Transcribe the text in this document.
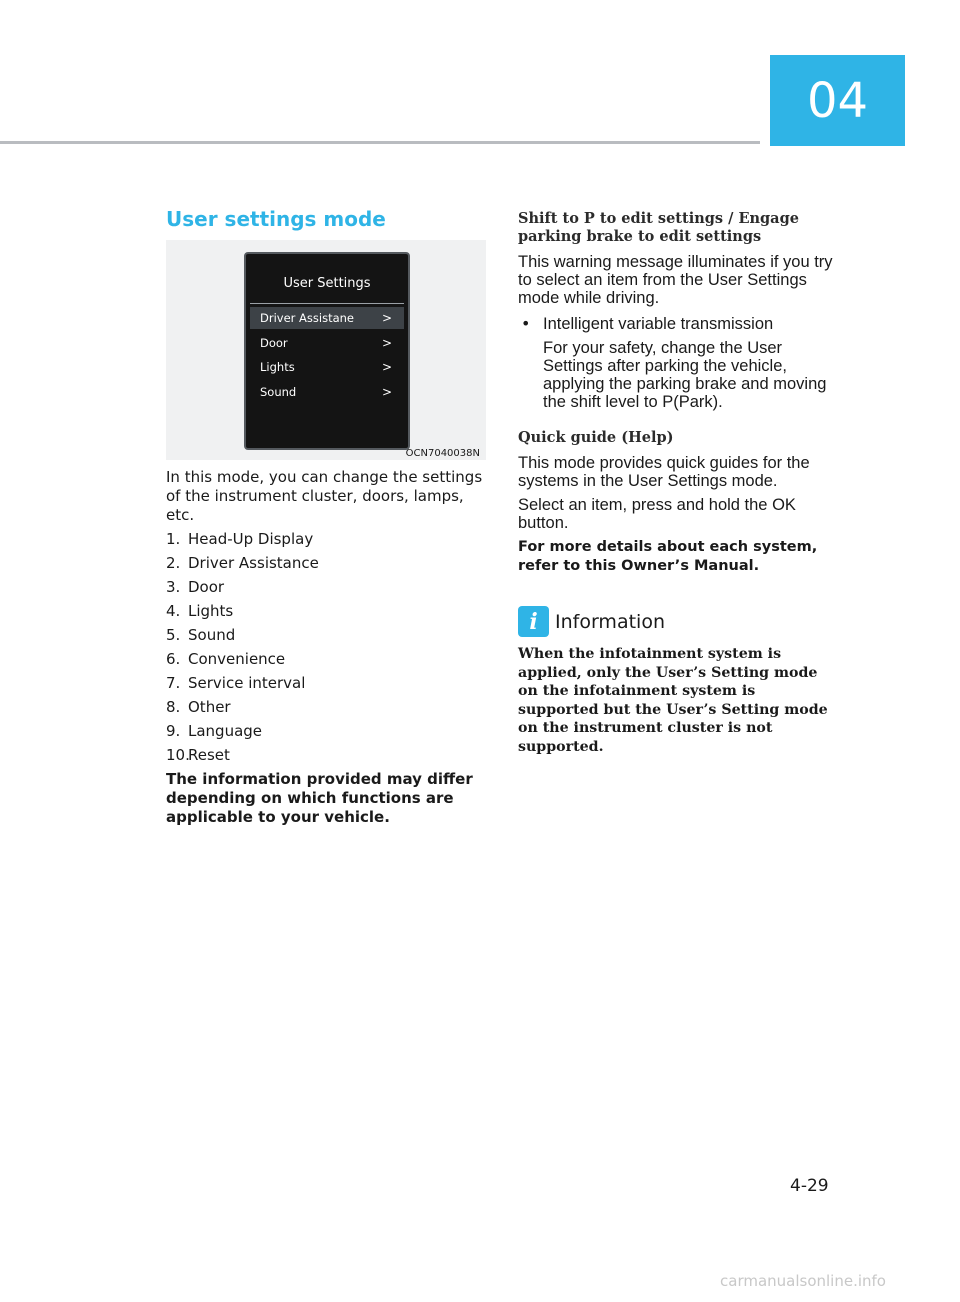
04
User settings mode
User Settings
Driver Assistane >
Door	>
Lights	>
Sound	>
OCN7040038N

In this mode, you can change the settings of the instrument cluster, doors, lamps, etc.

1. Head-Up Display
2. Driver Assistance
3. Door
4. Lights
5. Sound
6. Convenience
7. Service interval
8. Other
9. Language
10.
Reset

The information provided may differ depending on which functions are applicable to your vehicle.

Shift to P to edit settings / Engage parking brake to edit settings

This warning message illuminates if you try to select an item from the User Settings mode while driving.

• Intelligent variable transmission
For your safety, change the User Settings after parking the vehicle, applying the parking brake and moving the shift level to P(Park).
Quick guide (Help)

This mode provides quick guides for the systems in the User Settings mode.

Select an item, press and hold the OK button.

For more details about each system, refer to this Owner’s Manual.

i Information

When the infotainment system is applied, only the User’s Setting mode on the infotainment system is supported but the User’s Setting mode on the instrument cluster is not supported.

4-29
carmanualsonline.info
